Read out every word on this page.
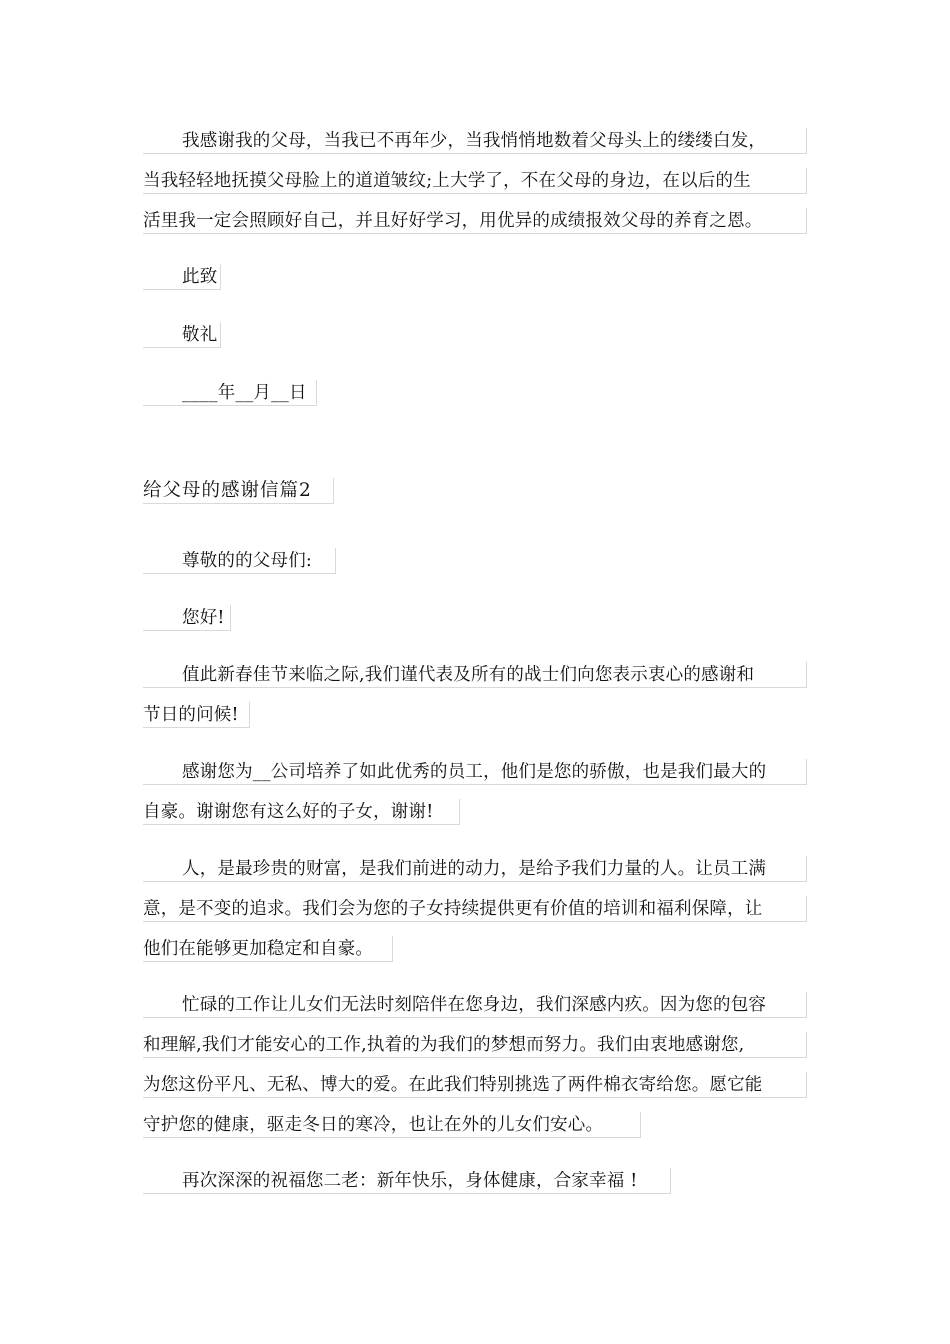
我感谢我的父母，当我已不再年少，当我悄悄地数着父母头上的缕缕白发，
当我轻轻地抚摸父母脸上的道道皱纹;上大学了，不在父母的身边，在以后的生
活里我一定会照顾好自己，并且好好学习，用优异的成绩报效父母的养育之恩。
此致
敬礼
____年__月__日
给父母的感谢信篇2
尊敬的的父母们:
您好!
值此新春佳节来临之际,我们谨代表及所有的战士们向您表示衷心的感谢和
节日的问候!
感谢您为__公司培养了如此优秀的员工，他们是您的骄傲，也是我们最大的
自豪。谢谢您有这么好的子女，谢谢!
人，是最珍贵的财富，是我们前进的动力，是给予我们力量的人。让员工满
意，是不变的追求。我们会为您的子女持续提供更有价值的培训和福利保障，让
他们在能够更加稳定和自豪。
忙碌的工作让儿女们无法时刻陪伴在您身边，我们深感内疚。因为您的包容
和理解,我们才能安心的工作,执着的为我们的梦想而努力。我们由衷地感谢您,
为您这份平凡、无私、博大的爱。在此我们特别挑选了两件棉衣寄给您。愿它能
守护您的健康，驱走冬日的寒冷，也让在外的儿女们安心。
再次深深的祝福您二老：新年快乐，身体健康，合家幸福 !
